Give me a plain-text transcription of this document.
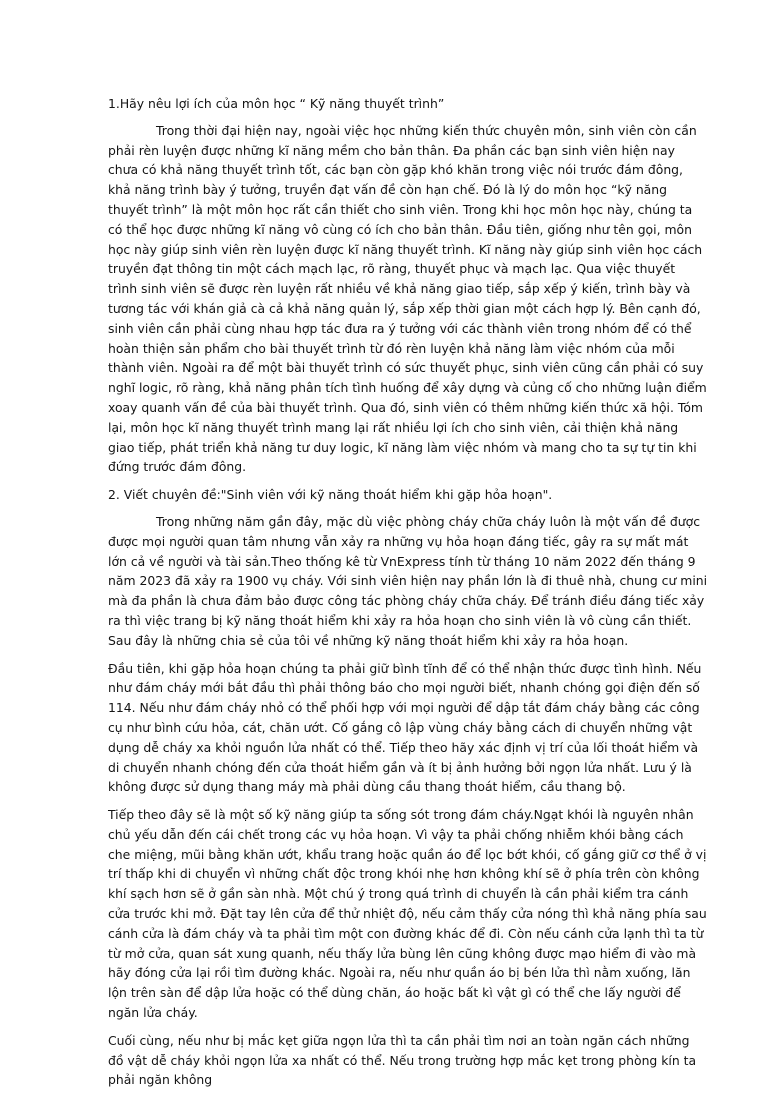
1.Hãy nêu lợi ích của môn học “ Kỹ năng thuyết trình”

Trong thời đại hiện nay, ngoài việc học những kiến thức chuyên môn, sinh viên còn cần phải rèn luyện được những kĩ năng mềm cho bản thân. Đa phần các bạn sinh viên hiện nay chưa có khả năng thuyết trình tốt, các bạn còn gặp khó khăn trong việc nói trước đám đông, khả năng trình bày ý tưởng, truyền đạt vấn đề còn hạn chế. Đó là lý do môn học “kỹ năng thuyết trình” là một môn học rất cần thiết cho sinh viên. Trong khi học môn học này, chúng ta có thể học được những kĩ năng vô cùng có ích cho bản thân. Đầu tiên, giống như tên gọi, môn học này giúp sinh viên rèn luyện được kĩ năng thuyết trình. Kĩ năng này giúp sinh viên học cách truyền đạt thông tin một cách mạch lạc, rõ ràng, thuyết phục và mạch lạc. Qua việc thuyết trình sinh viên sẽ được rèn luyện rất nhiều về khả năng giao tiếp, sắp xếp ý kiến, trình bày và tương tác với khán giả cà cả khả năng quản lý, sắp xếp thời gian một cách hợp lý. Bên cạnh đó, sinh viên cần phải cùng nhau hợp tác đưa ra ý tưởng với các thành viên trong nhóm để có thể hoàn thiện sản phẩm cho bài thuyết trình từ đó rèn luyện khả năng làm việc nhóm của mỗi thành viên. Ngoài ra để một bài thuyết trình có sức thuyết phục, sinh viên cũng cần phải có suy nghĩ logic, rõ ràng, khả năng phân tích tình huống để xây dựng và củng cố cho những luận điểm xoay quanh vấn đề của bài thuyết trình. Qua đó, sinh viên có thêm những kiến thức xã hội. Tóm lại, môn học kĩ năng thuyết trình mang lại rất nhiều lợi ích cho sinh viên, cải thiện khả năng giao tiếp, phát triển khả năng tư duy logic, kĩ năng làm việc nhóm và mang cho ta sự tự tin khi đứng trước đám đông.

2. Viết chuyên đề:"Sinh viên với kỹ năng thoát hiểm khi gặp hỏa hoạn".

Trong những năm gần đây, mặc dù việc phòng cháy chữa cháy luôn là một vấn đề được được mọi người quan tâm nhưng vẫn xảy ra những vụ hỏa hoạn đáng tiếc, gây ra sự mất mát lớn cả về người và tài sản.Theo thống kê từ VnExpress tính từ tháng 10 năm 2022 đến tháng 9 năm 2023 đã xảy ra 1900 vụ cháy. Với sinh viên hiện nay phần lớn là đi thuê nhà, chung cư mini mà đa phần là chưa đảm bảo được công tác phòng cháy chữa cháy. Để tránh điều đáng tiếc xảy ra thì việc trang bị kỹ năng thoát hiểm khi xảy ra hỏa hoạn cho sinh viên là vô cùng cần thiết. Sau đây là những chia sẻ của tôi về những kỹ năng thoát hiểm khi xảy ra hỏa hoạn.

Đầu tiên, khi gặp hỏa hoạn chúng ta phải giữ bình tĩnh để có thể nhận thức được tình hình. Nếu như đám cháy mới bắt đầu thì phải thông báo cho mọi người biết, nhanh chóng gọi điện đến số 114. Nếu như đám cháy nhỏ có thể phối hợp với mọi người để dập tắt đám cháy bằng các công cụ như bình cứu hỏa, cát, chăn ướt. Cố gắng cô lập vùng cháy bằng cách di chuyển những vật dụng dễ cháy xa khỏi nguồn lửa nhất có thể. Tiếp theo hãy xác định vị trí của lối thoát hiểm và di chuyển nhanh chóng đến cửa thoát hiểm gần và ít bị ảnh hưởng bởi ngọn lửa nhất. Lưu ý là không được sử dụng thang máy mà phải dùng cầu thang thoát hiểm, cầu thang bộ.

Tiếp theo đây sẽ là một số kỹ năng giúp ta sống sót trong đám cháy.Ngạt khói là nguyên nhân chủ yếu dẫn đến cái chết trong các vụ hỏa hoạn. Vì vậy ta phải chống nhiễm khói bằng cách che miệng, mũi bằng khăn ướt, khẩu trang hoặc quần áo để lọc bớt khói, cố gắng giữ cơ thể ở vị trí thấp khi di chuyển vì những chất độc trong khói nhẹ hơn không khí sẽ ở phía trên còn không khí sạch hơn sẽ ở gần sàn nhà. Một chú ý trong quá trình di chuyển là cần phải kiểm tra cánh cửa trước khi mở. Đặt tay lên cửa để thử nhiệt độ, nếu cảm thấy cửa nóng thì khả năng phía sau cánh cửa là đám cháy và ta phải tìm một con đường khác để đi. Còn nếu cánh cửa lạnh thì ta từ từ mở cửa, quan sát xung quanh, nếu thấy lửa bùng lên cũng không được mạo hiểm đi vào mà hãy đóng cửa lại rồi tìm đường khác. Ngoài ra, nếu như quần áo bị bén lửa thì nằm xuống, lăn lộn trên sàn để dập lửa hoặc có thể dùng chăn, áo hoặc bất kì vật gì có thể che lấy người để ngăn lửa cháy.

Cuối cùng, nếu như bị mắc kẹt giữa ngọn lửa thì ta cần phải tìm nơi an toàn ngăn cách những đồ vật dễ cháy khỏi ngọn lửa xa nhất có thể. Nếu trong trường hợp mắc kẹt trong phòng kín ta phải ngăn không
